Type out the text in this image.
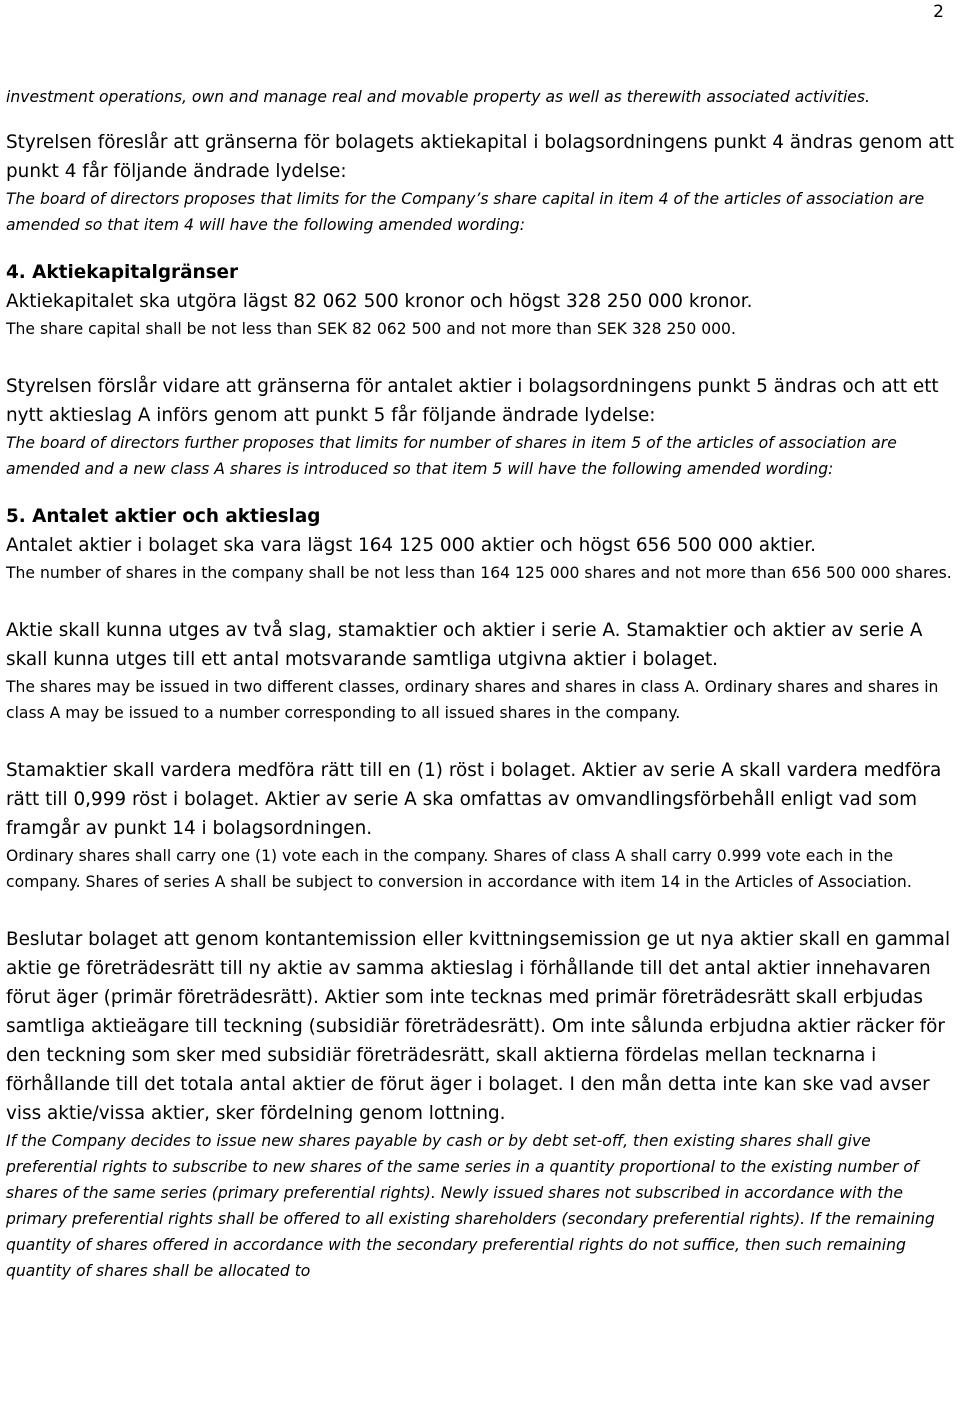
2

investment operations, own and manage real and movable property as well as therewith associated activities.

Styrelsen föreslår att gränserna för bolagets aktiekapital i bolagsordningens punkt 4 ändras genom att punkt 4 får följande ändrade lydelse:

The board of directors proposes that limits for the Company’s share capital in item 4 of the articles of association are amended so that item 4 will have the following amended wording:

4. Aktiekapitalgränser

Aktiekapitalet ska utgöra lägst 82 062 500 kronor och högst 328 250 000 kronor.

The share capital shall be not less than SEK 82 062 500 and not more than SEK 328 250 000.

Styrelsen förslår vidare att gränserna för antalet aktier i bolagsordningens punkt 5 ändras och att ett nytt aktieslag A införs genom att punkt 5 får följande ändrade lydelse:

The board of directors further proposes that limits for number of shares in item 5 of the articles of association are amended and a new class A shares is introduced so that item 5 will have the following amended wording:

5. Antalet aktier och aktieslag

Antalet aktier i bolaget ska vara lägst 164 125 000 aktier och högst 656 500 000 aktier.

The number of shares in the company shall be not less than 164 125 000 shares and not more than 656 500 000 shares.

Aktie skall kunna utges av två slag, stamaktier och aktier i serie A. Stamaktier och aktier av serie A skall kunna utges till ett antal motsvarande samtliga utgivna aktier i bolaget.

The shares may be issued in two different classes, ordinary shares and shares in class A. Ordinary shares and shares in class A may be issued to a number corresponding to all issued shares in the company.

Stamaktier skall vardera medföra rätt till en (1) röst i bolaget. Aktier av serie A skall vardera medföra rätt till 0,999 röst i bolaget. Aktier av serie A ska omfattas av omvandlingsförbehåll enligt vad som framgår av punkt 14 i bolagsordningen.

Ordinary shares shall carry one (1) vote each in the company. Shares of class A shall carry 0.999 vote each in the company. Shares of series A shall be subject to conversion in accordance with item 14 in the Articles of Association.

Beslutar bolaget att genom kontantemission eller kvittningsemission ge ut nya aktier skall en gammal aktie ge företrädesrätt till ny aktie av samma aktieslag i förhållande till det antal aktier innehavaren förut äger (primär företrädesrätt). Aktier som inte tecknas med primär företrädesrätt skall erbjudas samtliga aktieägare till teckning (subsidiär företrädesrätt). Om inte sålunda erbjudna aktier räcker för den teckning som sker med subsidiär företrädesrätt, skall aktierna fördelas mellan tecknarna i förhållande till det totala antal aktier de förut äger i bolaget. I den mån detta inte kan ske vad avser viss aktie/vissa aktier, sker fördelning genom lottning.

If the Company decides to issue new shares payable by cash or by debt set-off, then existing shares shall give preferential rights to subscribe to new shares of the same series in a quantity proportional to the existing number of shares of the same series (primary preferential rights). Newly issued shares not subscribed in accordance with the primary preferential rights shall be offered to all existing shareholders (secondary preferential rights). If the remaining quantity of shares offered in accordance with the secondary preferential rights do not suffice, then such remaining quantity of shares shall be allocated to
